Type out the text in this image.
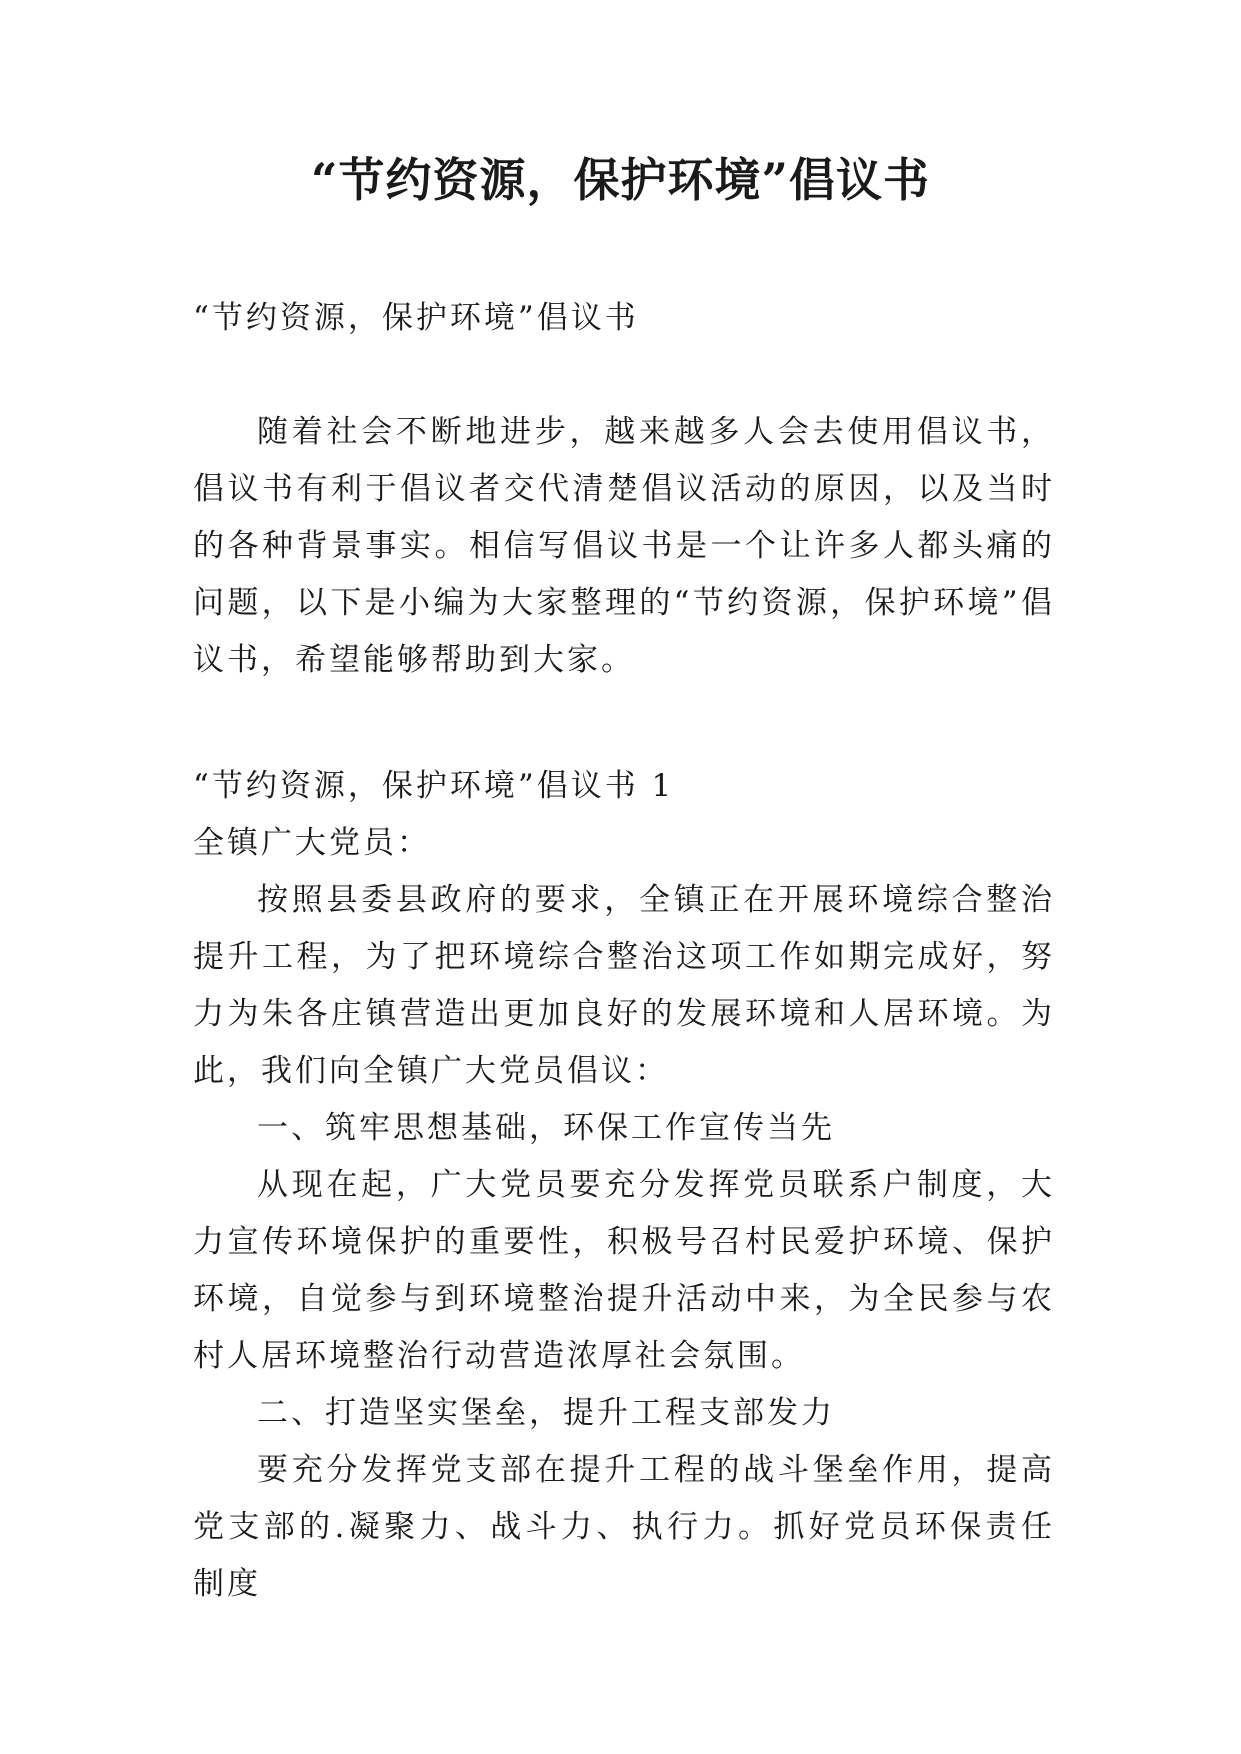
“节约资源，保护环境”倡议书
“节约资源，保护环境”倡议书
随着社会不断地进步，越来越多人会去使用倡议书，倡议书有利于倡议者交代清楚倡议活动的原因，以及当时的各种背景事实。相信写倡议书是一个让许多人都头痛的问题，以下是小编为大家整理的“节约资源，保护环境”倡议书，希望能够帮助到大家。
“节约资源，保护环境”倡议书 1
全镇广大党员：
按照县委县政府的要求，全镇正在开展环境综合整治提升工程，为了把环境综合整治这项工作如期完成好，努力为朱各庄镇营造出更加良好的发展环境和人居环境。为此，我们向全镇广大党员倡议：
一、筑牢思想基础，环保工作宣传当先
从现在起，广大党员要充分发挥党员联系户制度，大力宣传环境保护的重要性，积极号召村民爱护环境、保护环境，自觉参与到环境整治提升活动中来，为全民参与农村人居环境整治行动营造浓厚社会氛围。
二、打造坚实堡垒，提升工程支部发力
要充分发挥党支部在提升工程的战斗堡垒作用，提高党支部的.凝聚力、战斗力、执行力。抓好党员环保责任制度
